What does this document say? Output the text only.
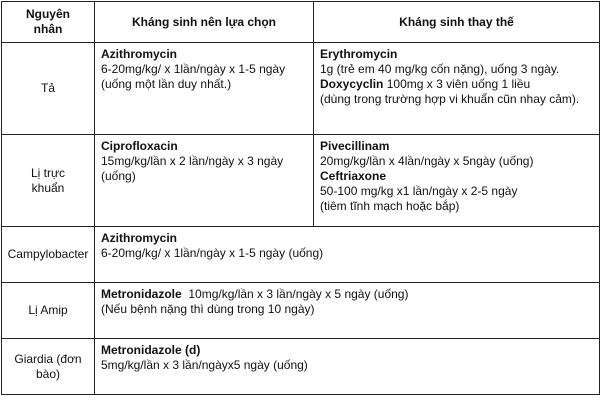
Nguyên nhân	Kháng sinh nên lựa chọn	Kháng sinh thay thế
Tả	Azithromycin
6-20mg/kg/ x 1lần/ngày x 1-5 ngày
(uống một lần duy nhất.)	Erythromycin
1g (trẻ em 40 mg/kg cốn nặng), uống 3 ngày.
Doxycyclin 100mg x 3 viên uống 1 liều
(dùng trong trường hợp vi khuẩn cũn nhay cảm).

Lị trực khuẩn	Ciprofloxacin
15mg/kg/lần x 2 lần/ngày x 3 ngày (uống)	Pivecillinam
20mg/kg/lần x 4lần/ngày x 5ngày (uống)
Ceftriaxone
50-100 mg/kg x1 lần/ngày x 2-5 ngày
(tiêm tĩnh mạch hoặc bắp)

Campylobacter	Azithromycin
6-20mg/kg/ x 1lần/ngày x 1-5 ngày (uống)	

Lị Amip	Metronidazole 10mg/kg/lần x 3 lần/ngày x 5 ngày (uống)
(Nếu bệnh nặng thì dùng trong 10 ngày)	

Giardia (đơn bào)	Metronidazole (d)
5mg/kg/lần x 3 lần/ngàyx5 ngày (uống)	
